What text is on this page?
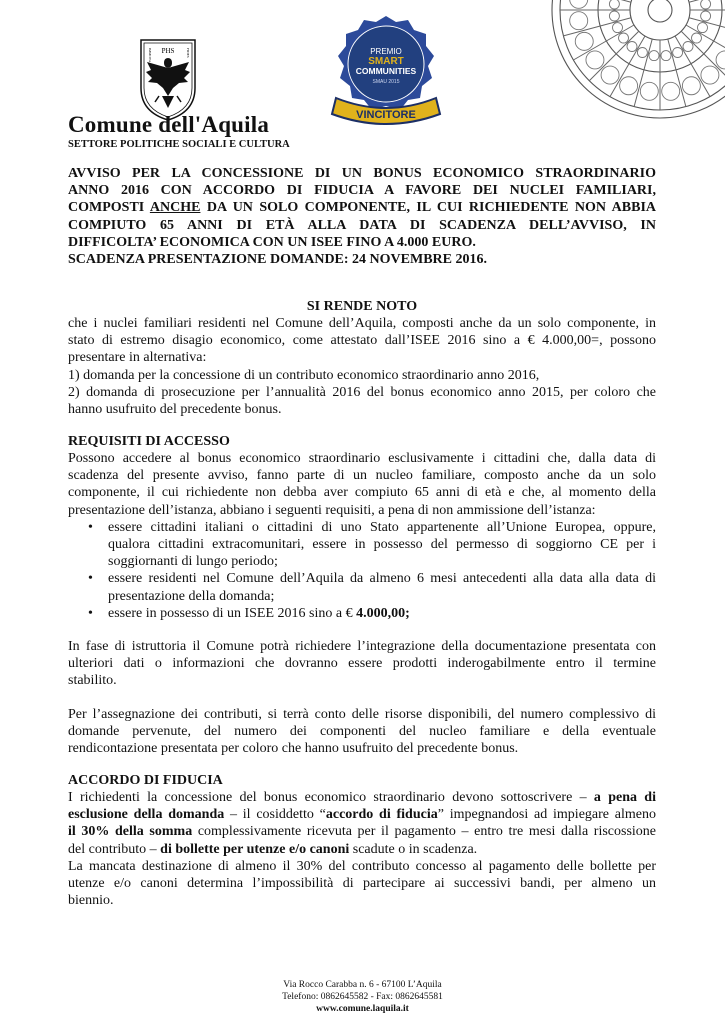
PHS
IMMOTA	FIDES	PREMIO
SMART
COMMUNITIES
SMAU 2015
VINCITORE
Comune dell'Aquila
SETTORE POLITICHE SOCIALI E CULTURA
AVVISO PER LA CONCESSIONE DI UN BONUS ECONOMICO STRAORDINARIO
ANNO 2016 CON ACCORDO DI FIDUCIA A FAVORE DEI NUCLEI FAMILIARI,
COMPOSTI ANCHE DA UN SOLO COMPONENTE, IL CUI RICHIEDENTE NON ABBIA
COMPIUTO 65 ANNI DI ETÀ ALLA DATA DI SCADENZA DELL’AVVISO, IN
DIFFICOLTA’ ECONOMICA CON UN ISEE FINO A 4.000 EURO.
SCADENZA PRESENTAZIONE DOMANDE: 24 NOVEMBRE 2016.
SI RENDE NOTO
che i nuclei familiari residenti nel Comune dell’Aquila, composti anche da un solo componente, in
stato di estremo disagio economico, come attestato dall’ISEE 2016 sino a € 4.000,00=, possono
presentare in alternativa:
1) domanda per la concessione di un contributo economico straordinario anno 2016,
2) domanda di prosecuzione per l’annualità 2016 del bonus economico anno 2015, per coloro che
hanno usufruito del precedente bonus.
REQUISITI DI ACCESSO
Possono accedere al bonus economico straordinario esclusivamente i cittadini che, dalla data di
scadenza del presente avviso, fanno parte di un nucleo familiare, composto anche da un solo
componente, il cui richiedente non debba aver compiuto 65 anni di età e che, al momento della
presentazione dell’istanza, abbiano i seguenti requisiti, a pena di non ammissione dell’istanza:
• essere cittadini italiani o cittadini di uno Stato appartenente all’Unione Europea, oppure,
qualora cittadini extracomunitari, essere in possesso del permesso di soggiorno CE per i
soggiornanti di lungo periodo;
• essere residenti nel Comune dell’Aquila da almeno 6 mesi antecedenti alla data alla data di
presentazione della domanda;
• essere in possesso di un ISEE 2016 sino a € 4.000,00;
In fase di istruttoria il Comune potrà richiedere l’integrazione della documentazione presentata con
ulteriori dati o informazioni che dovranno essere prodotti inderogabilmente entro il termine
stabilito.
Per l’assegnazione dei contributi, si terrà conto delle risorse disponibili, del numero complessivo di
domande pervenute, del numero dei componenti del nucleo familiare e della eventuale
rendicontazione presentata per coloro che hanno usufruito del precedente bonus.
ACCORDO DI FIDUCIA
I richiedenti la concessione del bonus economico straordinario devono sottoscrivere – a pena di
esclusione della domanda – il cosiddetto “accordo di fiducia” impegnandosi ad impiegare almeno
il 30% della somma complessivamente ricevuta per il pagamento – entro tre mesi dalla riscossione
del contributo – di bollette per utenze e/o canoni scadute o in scadenza.
La mancata destinazione di almeno il 30% del contributo concesso al pagamento delle bollette per
utenze e/o canoni determina l’impossibilità di partecipare ai successivi bandi, per almeno un
biennio.
Via Rocco Carabba n. 6 - 67100 L’Aquila
Telefono: 0862645582 - Fax: 0862645581
www.comune.laquila.it
